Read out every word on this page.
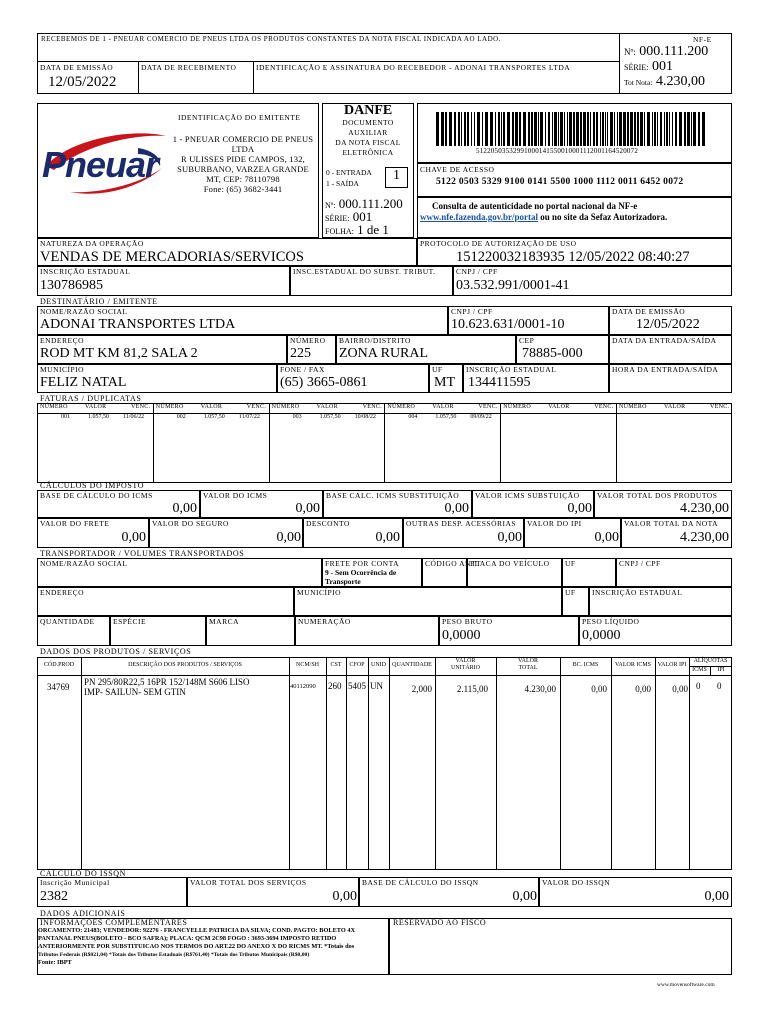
RECEBEMOS DE 1 - PNEUAR COMERCIO DE PNEUS LTDA OS PRODUTOS CONSTANTES DA NOTA FISCAL INDICADA AO LADO.	NF-E
Nº: 000.111.200
SÉRIE: 001
Tot Nota: 4.230,00
DATA DE EMISSÃO
12/05/2022
DATA DE RECEBIMENTO	IDENTIFICAÇÃO E ASSINATURA DO RECEBEDOR - ADONAI TRANSPORTES LTDA
Pneuar
IDENTIFICAÇÃO DO EMITENTE
1 - PNEUAR COMERCIO DE PNEUS
LTDA
R ULISSES PIDE CAMPOS, 132,
SUBURBANO, VARZEA GRANDE
MT, CEP: 78110798
Fone: (65) 3682-3441
DANFE
DOCUMENTO
AUXILIAR
DA NOTA FISCAL
ELETRÔNICA
0 - ENTRADA
1 - SAÍDA
1
Nº: 000.111.200
SÉRIE: 001
FOLHA: 1 de 1
51220503532991000141550010001112001164520072
CHAVE DE ACESSO
5122 0503 5329 9100 0141 5500 1000 1112 0011 6452 0072
Consulta de autenticidade no portal nacional da NF-e
www.nfe.fazenda.gov.br/portal ou no site da Sefaz Autorizadora.
NATUREZA DA OPERAÇÃO
VENDAS DE MERCADORIAS/SERVICOS
PROTOCOLO DE AUTORIZAÇÃO DE USO
151220032183935 12/05/2022 08:40:27
INSCRIÇÃO ESTADUAL
130786985
INSC.ESTADUAL DO SUBST. TRIBUT.	CNPJ / CPF
03.532.991/0001-41
DESTINATÁRIO / EMITENTE
NOME/RAZÃO SOCIAL
ADONAI TRANSPORTES LTDA
CNPJ / CPF
10.623.631/0001-10
DATA DE EMISSÃO
12/05/2022
ENDEREÇO
ROD MT KM 81,2 SALA 2
NÚMERO
225
BAIRRO/DISTRITO
ZONA RURAL
CEP
78885-000
DATA DA ENTRADA/SAÍDA
MUNICÍPIO
FELIZ NATAL
FONE / FAX
(65) 3665-0861
UF
MT
INSCRIÇÃO ESTADUAL
134411595
HORA DA ENTRADA/SAÍDA
FATURAS / DUPLICATAS
NÚMERO	VALOR	VENC.
001	1.057,50 11/06/22
NÚMERO	VALOR	VENC.
002	1.057,50 11/07/22
NÚMERO	VALOR	VENC.
003	1.057,50 10/08/22
NÚMERO	VALOR	VENC.
004	1.057,50 09/09/22
NÚMERO	VALOR	VENC. NÚMERO	VALOR	VENC.
CÁLCULOS DO IMPOSTO
BASE DE CÁLCULO DO ICMS
0,00
VALOR DO ICMS
0,00
BASE CALC. ICMS SUBSTITUIÇÃO
0,00
VALOR ICMS SUBSTUIÇÃO
0,00
VALOR TOTAL DOS PRODUTOS
4.230,00
VALOR DO FRETE
0,00
VALOR DO SEGURO
0,00
DESCONTO
0,00
OUTRAS DESP. ACESSÓRIAS
0,00
VALOR DO IPI
0,00
VALOR TOTAL DA NOTA
4.230,00
TRANSPORTADOR / VOLUMES TRANSPORTADOS
NOME/RAZÃO SOCIAL	FRETE POR CONTA
9 - Sem Ocorrência de
Transporte
CÓDIGO ANTT
PLACA DO VEÍCULO UF	CNPJ / CPF
ENDEREÇO	MUNICÍPIO	UF INSCRIÇÃO ESTADUAL
QUANTIDADE ESPÉCIE	MARCA	NUMERAÇÃO	PESO BRUTO
0,0000
PESO LÍQUIDO
0,0000
DADOS DOS PRODUTOS / SERVIÇOS
CÓD.PROD	DESCRIÇÃO DOS PRODUTOS / SERVIÇOS	NCM/SH	CST	CFOP	UNID	QUANTIDADE
VALOR
UNITÁRIO
VALOR
TOTAL	BC. ICMS	VALOR ICMS	VALOR IPI
ALÍQUOTAS
ICMS	IPI
34769 PN 295/80R22,5 16PR 152/148M S606 LISO
IMP- SAILUN- SEM GTIN
40112090 260 5405 UN	2,000	2.115,00	4.230,00	0,00	0,00 0,00 0 0
CÁLCULO DO ISSQN
Inscrição Municipal
2382
VALOR TOTAL DOS SERVIÇOS
0,00
BASE DE CÁLCULO DO ISSQN
0,00
VALOR DO ISSQN
0,00
DADOS ADICIONAIS
INFORMAÇÕES COMPLEMENTARES
ORCAMENTO: 21483; VENDEDOR: 92276 - FRANCYELLE PATRICIA DA SILVA; COND. PAGTO: BOLETO 4X
PANTANAL PNEUS(BOLETO - BCO SAFRA); PLACA: QCM 2C98 FOGO : 3693-3694 IMPOSTO RETIDO
ANTERIORMENTE POR SUBSTITUICAO NOS TERMOS DO ART.22 DO ANEXO X DO RICMS MT. *Totais dos
Tributos Federais (R$821,04) *Totais dos Tributos Estaduais (R$761,40) *Totais dos Tributos Municipais (R$0,00)
Fonte: IBPT
RESERVADO AO FISCO
www.movensoftware.com
